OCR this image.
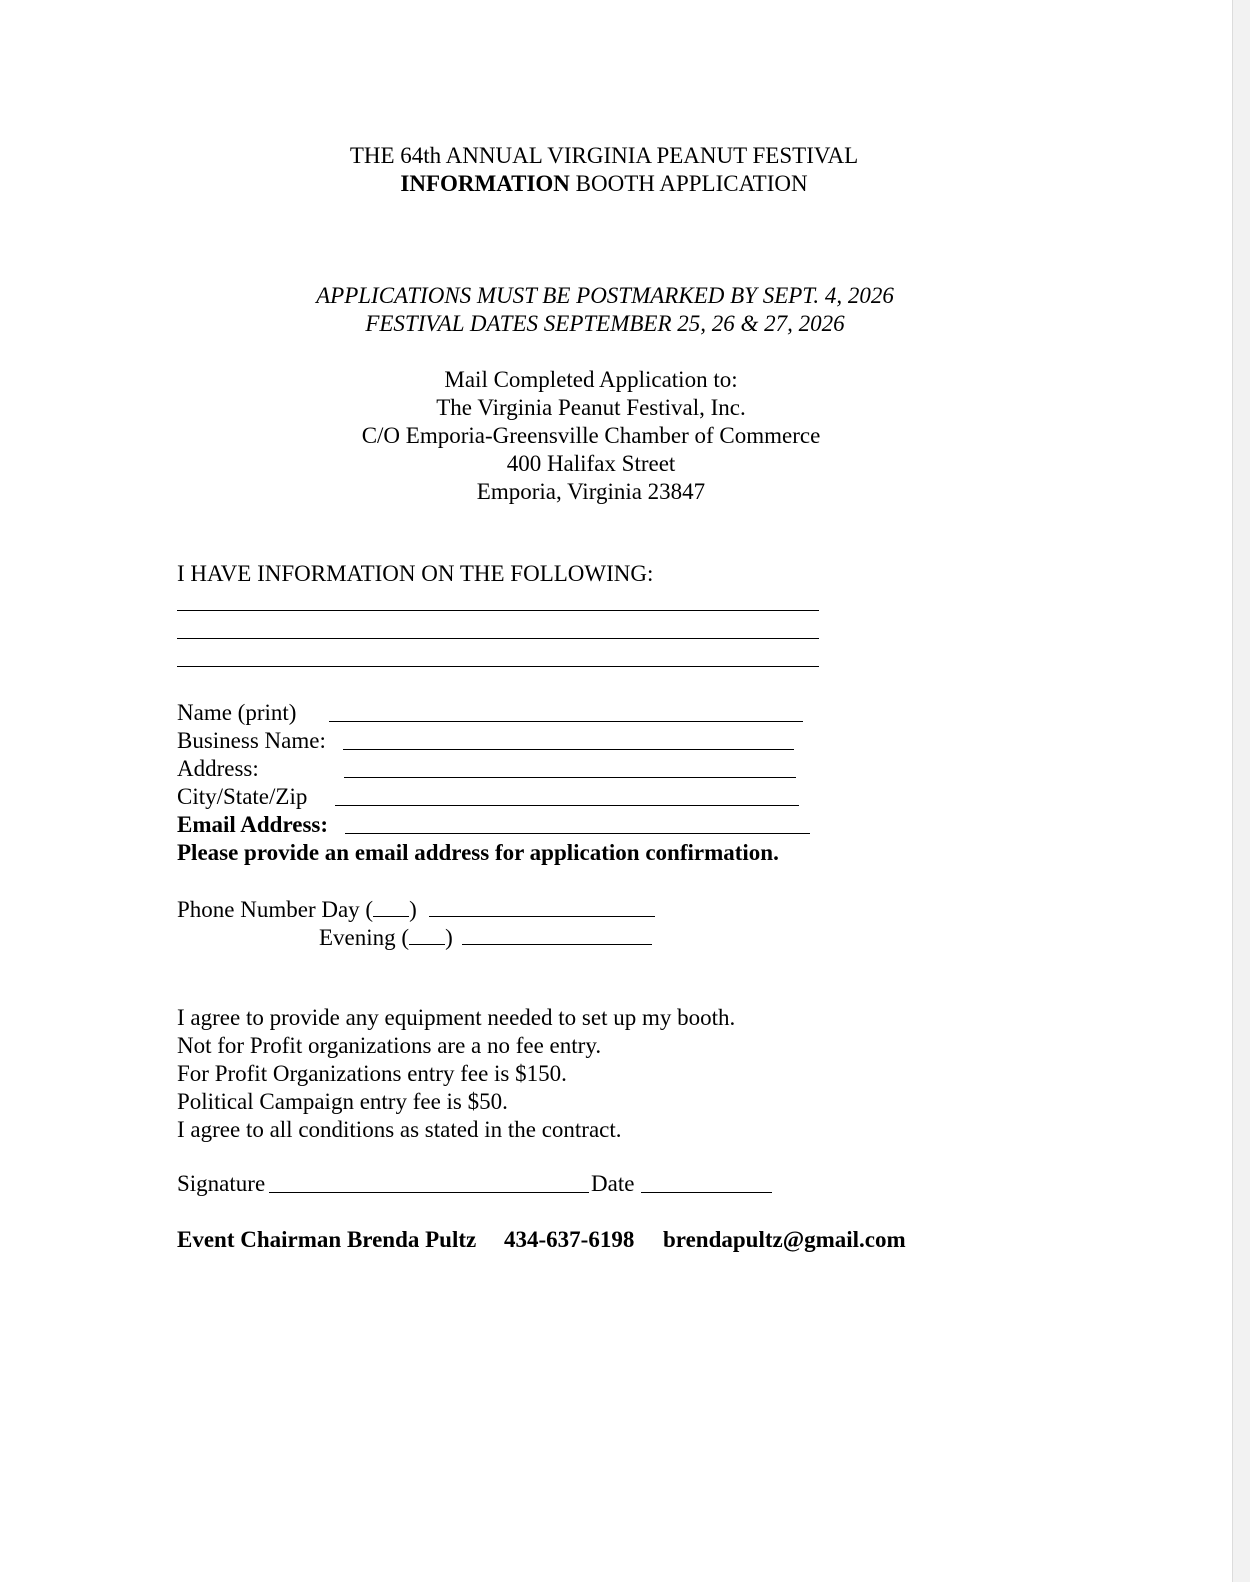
THE 64th ANNUAL VIRGINIA PEANUT FESTIVAL
INFORMATION BOOTH APPLICATION
APPLICATIONS MUST BE POSTMARKED BY SEPT. 4, 2026
FESTIVAL DATES SEPTEMBER 25, 26 & 27, 2026
Mail Completed Application to:
The Virginia Peanut Festival, Inc.
C/O Emporia-Greensville Chamber of Commerce
400 Halifax Street
Emporia, Virginia 23847
I HAVE INFORMATION ON THE FOLLOWING:
Name (print)
Business Name:
Address:
City/State/Zip
Email Address:
Please provide an email address for application confirmation.
Phone Number Day ( )
Evening ( )
I agree to provide any equipment needed to set up my booth.
Not for Profit organizations are a no fee entry.
For Profit Organizations entry fee is $150.
Political Campaign entry fee is $50.
I agree to all conditions as stated in the contract.
Signature	Date
Event Chairman Brenda Pultz 434-637-6198 brendapultz@gmail.com
